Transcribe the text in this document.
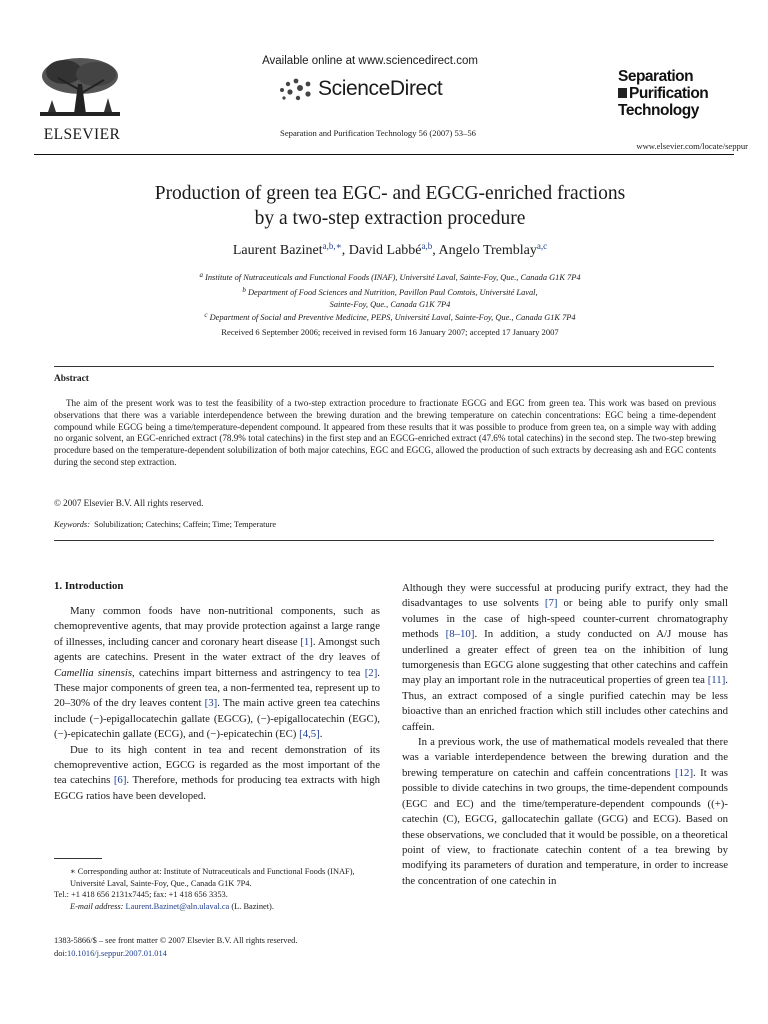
ELSEVIER
Available online at www.sciencedirect.com
ScienceDirect
Separation and Purification Technology 56 (2007) 53–56
Separation
Purification
Technology
www.elsevier.com/locate/seppur
Production of green tea EGC- and EGCG-enriched fractions
by a two-step extraction procedure
Laurent Bazinet$^{a,b,∗}$, David Labbé$^{a,b}$, Angelo Tremblay$^{a,c}$
$^a$ Institute of Nutraceuticals and Functional Foods (INAF), Université Laval, Sainte-Foy, Que., Canada G1K 7P4
$^b$ Department of Food Sciences and Nutrition, Pavillon Paul Comtois, Université Laval,
Sainte-Foy, Que., Canada G1K 7P4
$^c$ Department of Social and Preventive Medicine, PEPS, Université Laval, Sainte-Foy, Que., Canada G1K 7P4
Received 6 September 2006; received in revised form 16 January 2007; accepted 17 January 2007
Abstract

The aim of the present work was to test the feasibility of a two-step extraction procedure to fractionate EGCG and EGC from green tea. This work was based on previous observations that there was a variable interdependence between the brewing duration and the brewing temperature on catechin concentrations: EGC being a time-dependent compound while EGCG being a time/temperature-dependent compound. It appeared from these results that it was possible to produce from green tea, on a simple way with adding no organic solvent, an EGC-enriched extract (78.9% total catechins) in the first step and an EGCG-enriched extract (47.6% total catechins) in the second step. The two-step brewing procedure based on the temperature-dependent solubilization of both major catechins, EGC and EGCG, allowed the production of such extracts by decreasing ash and EGC contents during the second step extraction.

© 2007 Elsevier B.V. All rights reserved.
Keywords: Solubilization; Catechins; Caffein; Time; Temperature
1. Introduction

Many common foods have non-nutritional components, such as chemopreventive agents, that may provide protection against a large range of illnesses, including cancer and coronary heart disease [1]. Amongst such agents are catechins. Present in the water extract of the dry leaves of Camellia sinensis, catechins impart bitterness and astringency to tea [2]. These major components of green tea, a non-fermented tea, represent up to 20–30% of the dry leaves content [3]. The main active green tea catechins include (−)-epigallocatechin gallate (EGCG), (−)-epigallocatechin (EGC), (−)-epicatechin gallate (ECG), and (−)-epicatechin (EC) [4,5].

Due to its high content in tea and recent demonstration of its chemopreventive action, EGCG is regarded as the most important of the tea catechins [6]. Therefore, methods for producing tea extracts with high EGCG ratios have been developed.

∗ Corresponding author at: Institute of Nutraceuticals and Functional Foods (INAF), Université Laval, Sainte-Foy, Que., Canada G1K 7P4.
Tel.: +1 418 656 2131x7445; fax: +1 418 656 3353.
E-mail address: Laurent.Bazinet@aln.ulaval.ca (L. Bazinet).
1383-5866/$ – see front matter © 2007 Elsevier B.V. All rights reserved.
doi:10.1016/j.seppur.2007.01.014

Although they were successful at producing purify extract, they had the disadvantages to use solvents [7] or being able to purify only small volumes in the case of high-speed counter-current chromatography methods [8–10]. In addition, a study conducted on A/J mouse has underlined a greater effect of green tea on the inhibition of lung tumorgenesis than EGCG alone suggesting that other catechins and caffein may play an important role in the nutraceutical properties of green tea [11]. Thus, an extract composed of a single purified catechin may be less bioactive than an enriched fraction which still includes other catechins and caffein.

In a previous work, the use of mathematical models revealed that there was a variable interdependence between the brewing duration and the brewing temperature on catechin and caffein concentrations [12]. It was possible to divide catechins in two groups, the time-dependent compounds (EGC and EC) and the time/temperature-dependent compounds ((+)-catechin (C), EGCG, gallocatechin gallate (GCG) and ECG). Based on these observations, we concluded that it would be possible, on a theoretical point of view, to fractionate catechin content of a tea brewing by modifying its parameters of duration and temperature, in order to increase the concentration of one catechin in
